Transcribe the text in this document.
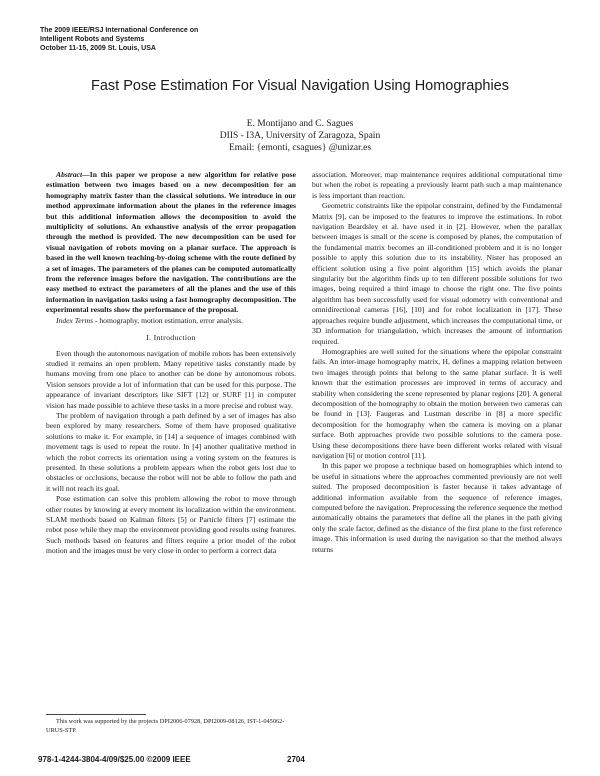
The 2009 IEEE/RSJ International Conference on
Intelligent Robots and Systems
October 11-15, 2009 St. Louis, USA
Fast Pose Estimation For Visual Navigation Using Homographies
E. Montijano and C. Sagues
DIIS - I3A, University of Zaragoza, Spain
Email: {emonti, csagues} @unizar.es

Abstract—In this paper we propose a new algorithm for relative pose estimation between two images based on a new decomposition for an homography matrix faster than the classical solutions. We introduce in our method approximate information about the planes in the reference images but this additional information allows the decomposition to avoid the multiplicity of solutions. An exhaustive analysis of the error propagation through the method is provided. The new decomposition can be used for visual navigation of robots moving on a planar surface. The approach is based in the well known teaching-by-doing scheme with the route defined by a set of images. The parameters of the planes can be computed automatically from the reference images before the navigation. The contributions are the easy method to extract the parameters of all the planes and the use of this information in navigation tasks using a fast homography decomposition. The experimental results show the performance of the proposal.

Index Terms - homography, motion estimation, error analysis.

I. Introduction

Even though the autonomous navigation of mobile robots has been extensively studied it remains an open problem. Many repetitive tasks constantly made by humans moving from one place to another can be done by autonomous robots. Vision sensors provide a lot of information that can be used for this purpose. The appearance of invariant descriptors like SIFT [12] or SURF [1] in computer vision has made possible to achieve these tasks in a more precise and robust way.

The problem of navigation through a path defined by a set of images has also been explored by many researchers. Some of them have proposed qualitative solutions to make it. For example, in [14] a sequence of images combined with movement tags is used to repeat the route. In [4] another qualitative method in which the robot corrects its orientation using a voting system on the features is presented. In these solutions a problem appears when the robot gets lost due to obstacles or occlusions, because the robot will not be able to follow the path and it will not reach its goal.

Pose estimation can solve this problem allowing the robot to move through other routes by knowing at every moment its localization within the environment. SLAM methods based on Kalman filters [5] or Particle filters [7] estimate the robot pose while they map the environment providing good results using features. Such methods based on features and filters require a prior model of the robot motion and the images must be very close in order to perform a correct data

This work was supported by the projects DPI2006-07928, DPI2009-08126, IST-1-045062-URUS-STP.

association. Moreover, map maintenance requires additional computational time but when the robot is repeating a previously learnt path such a map maintenance is less important than reaction.

Geometric constraints like the epipolar constraint, defined by the Fundamental Matrix [9], can be imposed to the features to improve the estimations. In robot navigation Beardsley et al. have used it in [2]. However, when the parallax between images is small or the scene is composed by planes, the computation of the fundamental matrix becomes an ill-conditioned problem and it is no longer possible to apply this solution due to its instability. Nister has proposed an efficient solution using a five point algorithm [15] which avoids the planar singularity but the algorithm finds up to ten different possible solutions for two images, being required a third image to choose the right one. The five points algorithm has been successfully used for visual odometry with conventional and omnidirectional cameras [16], [10] and for robot localization in [17]. These approaches require bundle adjustment, which increases the computational time, or 3D information for triangulation, which increases the amount of information required.

Homographies are well suited for the situations where the epipolar constraint fails. An inter-image homography matrix, H, defines a mapping relation between two images through points that belong to the same planar surface. It is well known that the estimation processes are improved in terms of accuracy and stability when considering the scene represented by planar regions [20]. A general decomposition of the homography to obtain the motion between two cameras can be found in [13]. Faugeras and Lustman describe in [8] a more specific decomposition for the homography when the camera is moving on a planar surface. Both approaches provide two possible solutions to the camera pose. Using these decompositions there have been different works related with visual navigation [6] or motion control [11].

In this paper we propose a technique based on homographies which intend to be useful in situations where the approaches commented previously are not well suited. The proposed decomposition is faster because it takes advantage of additional information available from the sequence of reference images, computed before the navigation. Preprocessing the reference sequence the method automatically obtains the parameters that define all the planes in the path giving only the scale factor, defined as the distance of the first plane to the first reference image. This information is used during the navigation so that the method always returns

978-1-4244-3804-4/09/$25.00 ©2009 IEEE	2704
